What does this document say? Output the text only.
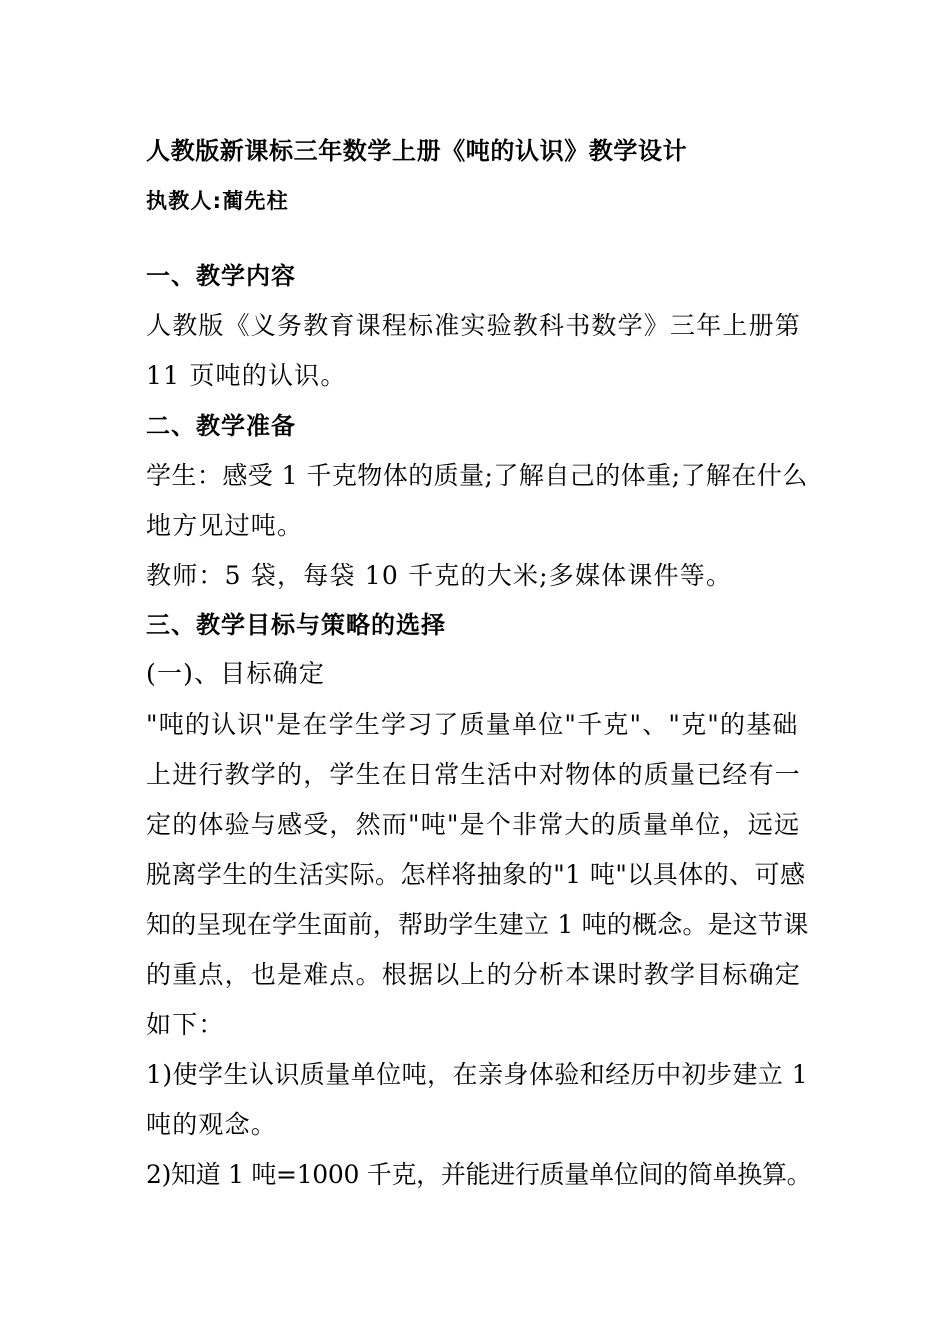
人教版新课标三年数学上册《吨的认识》教学设计
执教人:蔺先柱
一、教学内容
人教版《义务教育课程标准实验教科书数学》三年上册第
11 页吨的认识。
二、教学准备
学生：感受 1 千克物体的质量;了解自己的体重;了解在什么
地方见过吨。
教师：5 袋，每袋 10 千克的大米;多媒体课件等。
三、教学目标与策略的选择
(一)、目标确定
"吨的认识"是在学生学习了质量单位"千克"、"克"的基础
上进行教学的，学生在日常生活中对物体的质量已经有一
定的体验与感受，然而"吨"是个非常大的质量单位，远远
脱离学生的生活实际。怎样将抽象的"1 吨"以具体的、可感
知的呈现在学生面前，帮助学生建立 1 吨的概念。是这节课
的重点，也是难点。根据以上的分析本课时教学目标确定
如下：
1)使学生认识质量单位吨，在亲身体验和经历中初步建立 1
吨的观念。
2)知道 1 吨=1000 千克，并能进行质量单位间的简单换算。
